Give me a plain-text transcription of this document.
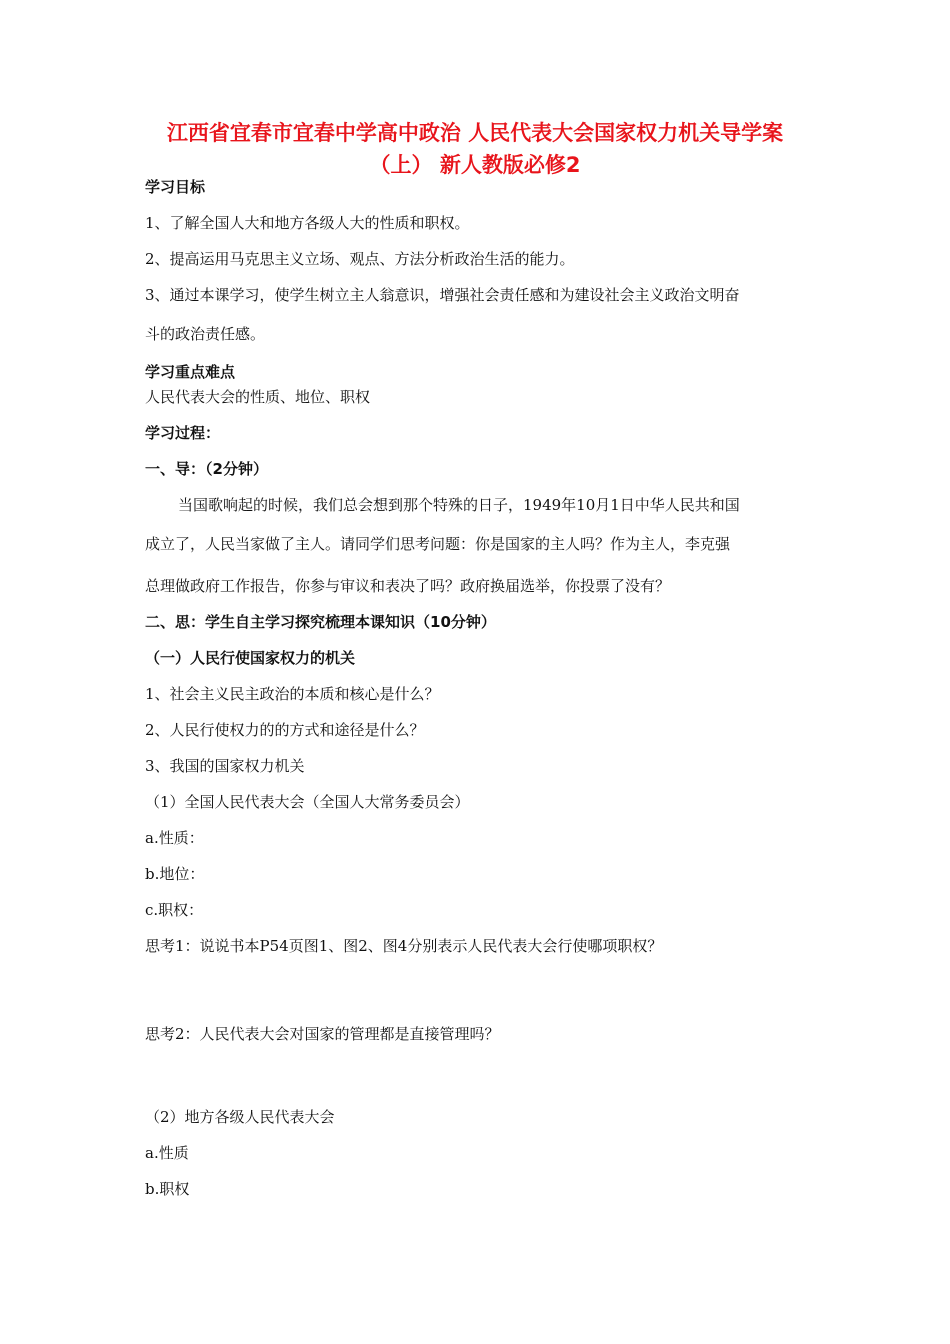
江西省宜春市宜春中学高中政治 人民代表大会国家权力机关导学案
（上） 新人教版必修2
学习目标
1、了解全国人大和地方各级人大的性质和职权。
2、提高运用马克思主义立场、观点、方法分析政治生活的能力。
3、通过本课学习，使学生树立主人翁意识，增强社会责任感和为建设社会主义政治文明奋
斗的政治责任感。
学习重点难点
人民代表大会的性质、地位、职权
学习过程：
一、导：（2分钟）
当国歌响起的时候，我们总会想到那个特殊的日子，1949年10月1日中华人民共和国
成立了，人民当家做了主人。请同学们思考问题：你是国家的主人吗？作为主人，李克强
总理做政府工作报告，你参与审议和表决了吗？政府换届选举，你投票了没有？
二、思：学生自主学习探究梳理本课知识（10分钟）
（一）人民行使国家权力的机关
1、社会主义民主政治的本质和核心是什么？
2、人民行使权力的的方式和途径是什么？
3、我国的国家权力机关
（1）全国人民代表大会（全国人大常务委员会）
a.性质：
b.地位：
c.职权：
思考1：说说书本P54页图1、图2、图4分别表示人民代表大会行使哪项职权？
思考2：人民代表大会对国家的管理都是直接管理吗？
（2）地方各级人民代表大会
a.性质
b.职权
